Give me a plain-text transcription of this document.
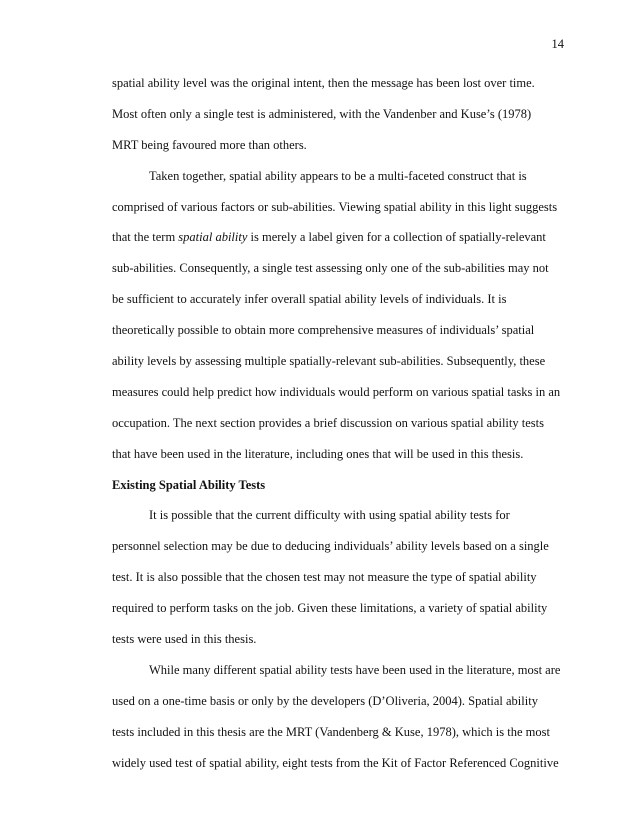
14
spatial ability level was the original intent, then the message has been lost over time.
Most often only a single test is administered, with the Vandenber and Kuse’s (1978)
MRT being favoured more than others.
Taken together, spatial ability appears to be a multi-faceted construct that is
comprised of various factors or sub-abilities. Viewing spatial ability in this light suggests
that the term spatial ability is merely a label given for a collection of spatially-relevant
sub-abilities. Consequently, a single test assessing only one of the sub-abilities may not
be sufficient to accurately infer overall spatial ability levels of individuals. It is
theoretically possible to obtain more comprehensive measures of individuals’ spatial
ability levels by assessing multiple spatially-relevant sub-abilities. Subsequently, these
measures could help predict how individuals would perform on various spatial tasks in an
occupation. The next section provides a brief discussion on various spatial ability tests
that have been used in the literature, including ones that will be used in this thesis.
Existing Spatial Ability Tests
It is possible that the current difficulty with using spatial ability tests for
personnel selection may be due to deducing individuals’ ability levels based on a single
test. It is also possible that the chosen test may not measure the type of spatial ability
required to perform tasks on the job. Given these limitations, a variety of spatial ability
tests were used in this thesis.
While many different spatial ability tests have been used in the literature, most are
used on a one-time basis or only by the developers (D’Oliveria, 2004). Spatial ability
tests included in this thesis are the MRT (Vandenberg & Kuse, 1978), which is the most
widely used test of spatial ability, eight tests from the Kit of Factor Referenced Cognitive
